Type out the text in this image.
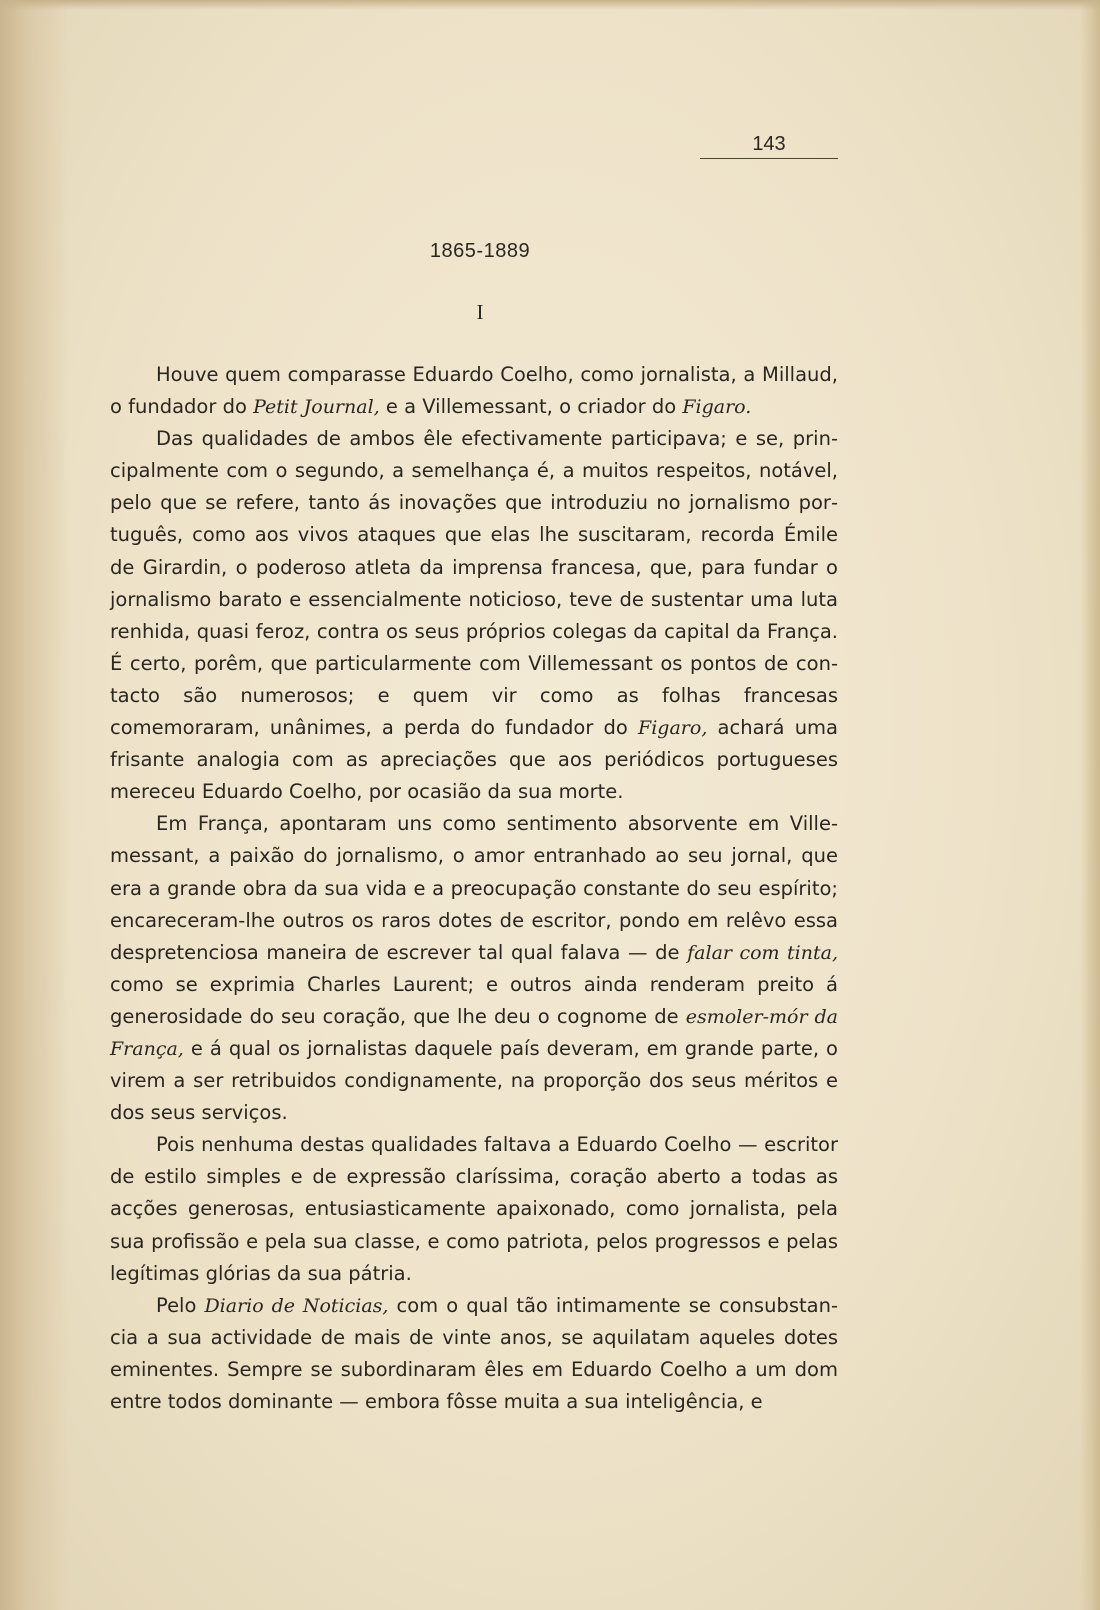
143
1865-1889
I

Houve quem comparasse Eduardo Coelho, como jornalista, a Millaud, o fundador do Petit Journal, e a Villemessant, o criador do Figaro.

Das qualidades de ambos êle efectivamente participava; e se, principalmente com o segundo, a semelhança é, a muitos respeitos, notável, pelo que se refere, tanto ás inovações que introduziu no jornalismo português, como aos vivos ataques que elas lhe suscitaram, recorda Émile de Girardin, o poderoso atleta da imprensa francesa, que, para fundar o jornalismo barato e essencialmente noticioso, teve de sustentar uma luta renhida, quasi feroz, contra os seus próprios colegas da capital da França. É certo, porêm, que particularmente com Villemessant os pontos de contacto são numerosos; e quem vir como as folhas francesas comemoraram, unânimes, a perda do fundador do Figaro, achará uma frisante analogia com as apreciações que aos periódicos portugueses mereceu Eduardo Coelho, por ocasião da sua morte.

Em França, apontaram uns como sentimento absorvente em Villemessant, a paixão do jornalismo, o amor entranhado ao seu jornal, que era a grande obra da sua vida e a preocupação constante do seu espírito; encareceram-lhe outros os raros dotes de escritor, pondo em relêvo essa despretenciosa maneira de escrever tal qual falava — de falar com tinta, como se exprimia Charles Laurent; e outros ainda renderam preito á generosidade do seu coração, que lhe deu o cognome de esmoler-mór da França, e á qual os jornalistas daquele país deveram, em grande parte, o virem a ser retribuidos condignamente, na proporção dos seus méritos e dos seus serviços.

Pois nenhuma destas qualidades faltava a Eduardo Coelho — escritor de estilo simples e de expressão claríssima, coração aberto a todas as acções generosas, entusiasticamente apaixonado, como jornalista, pela sua profissão e pela sua classe, e como patriota, pelos progressos e pelas legítimas glórias da sua pátria.

Pelo Diario de Noticias, com o qual tão intimamente se consubstancia a sua actividade de mais de vinte anos, se aquilatam aqueles dotes eminentes. Sempre se subordinaram êles em Eduardo Coelho a um dom entre todos dominante — embora fôsse muita a sua inteligência, e
